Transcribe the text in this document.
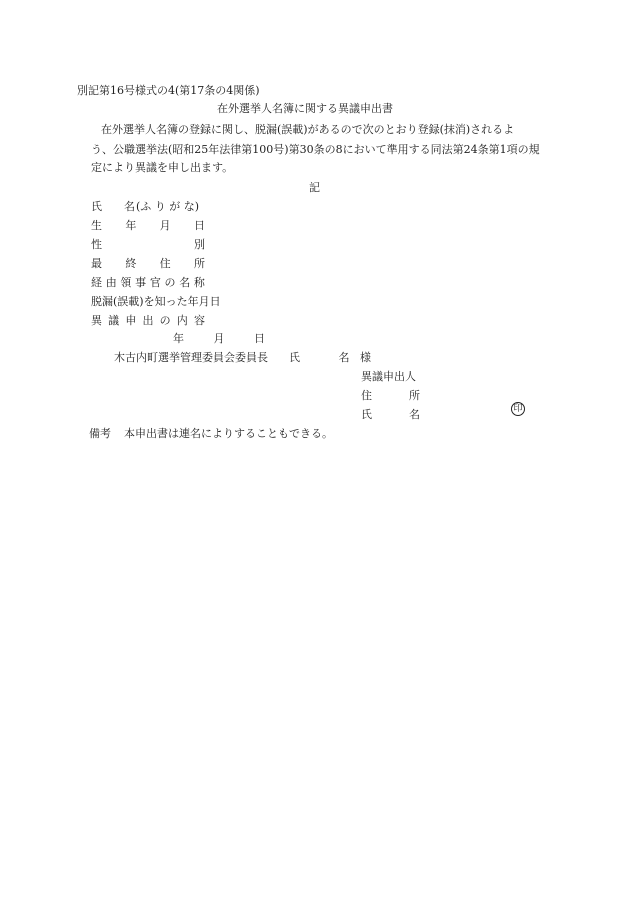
別記第16号様式の4(第17条の4関係)
在外選挙人名簿に関する異議申出書
在外選挙人名簿の登録に関し、脱漏(誤載)があるので次のとおり登録(抹消)されるよ
う、公職選挙法(昭和25年法律第100号)第30条の8において準用する同法第24条第1項の規
定により異議を申し出ます。
記
氏 名 (ふ り が な)
生 年 月 日
性	別
最 終 住 所
経 由 領 事 官 の 名 称
脱漏(誤載)を知った年月日
異 議 申 出 の 内 容
年	月	日
木古内町選挙管理委員会委員長 氏	名 様
異議申出人
住	所
氏	名	印
備考 本申出書は連名によりすることもできる。
